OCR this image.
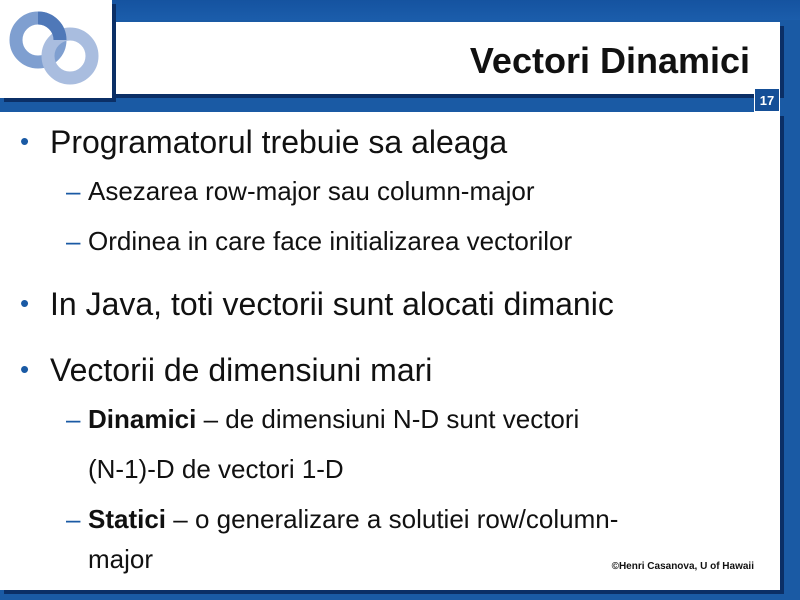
Vectori Dinamici
17
• Programatorul trebuie sa aleaga
– Asezarea row-major sau column-major
– Ordinea in care face initializarea vectorilor
• In Java, toti vectorii sunt alocati dimanic
• Vectorii de dimensiuni mari
– Dinamici – de dimensiuni N-D sunt vectori
(N-1)-D de vectori 1-D
– Statici – o generalizare a solutiei row/column-
major	©Henri Casanova, U of Hawaii
